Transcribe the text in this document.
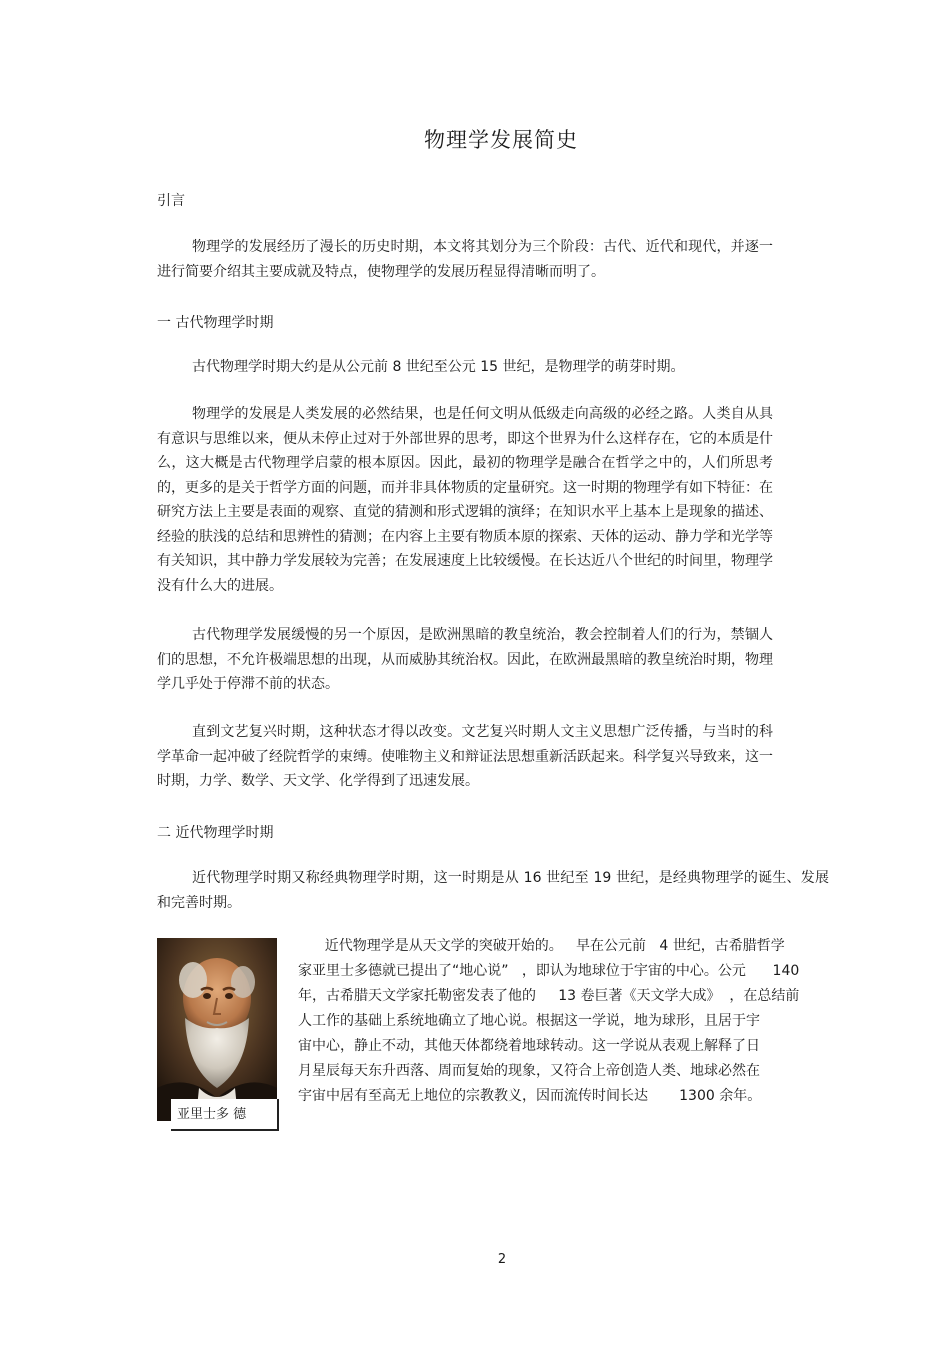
物理学发展简史
引言

物理学的发展经历了漫长的历史时期，本文将其划分为三个阶段：古代、近代和现代，并逐一进行简要介绍其主要成就及特点，使物理学的发展历程显得清晰而明了。

一 古代物理学时期

古代物理学时期大约是从公元前 8 世纪至公元 15 世纪，是物理学的萌芽时期。

物理学的发展是人类发展的必然结果，也是任何文明从低级走向高级的必经之路。人类自从具有意识与思维以来，便从未停止过对于外部世界的思考，即这个世界为什么这样存在，它的本质是什么，这大概是古代物理学启蒙的根本原因。因此，最初的物理学是融合在哲学之中的，人们所思考的，更多的是关于哲学方面的问题，而并非具体物质的定量研究。这一时期的物理学有如下特征：在研究方法上主要是表面的观察、直觉的猜测和形式逻辑的演绎；在知识水平上基本上是现象的描述、经验的肤浅的总结和思辨性的猜测；在内容上主要有物质本原的探索、天体的运动、静力学和光学等有关知识，其中静力学发展较为完善；在发展速度上比较缓慢。在长达近八个世纪的时间里，物理学没有什么大的进展。

古代物理学发展缓慢的另一个原因，是欧洲黑暗的教皇统治，教会控制着人们的行为，禁锢人们的思想，不允许极端思想的出现，从而威胁其统治权。因此，在欧洲最黑暗的教皇统治时期，物理学几乎处于停滞不前的状态。

直到文艺复兴时期，这种状态才得以改变。文艺复兴时期人文主义思想广泛传播，与当时的科学革命一起冲破了经院哲学的束缚。使唯物主义和辩证法思想重新活跃起来。科学复兴导致来，这一时期，力学、数学、天文学、化学得到了迅速发展。

二 近代物理学时期

近代物理学时期又称经典物理学时期，这一时期是从 16 世纪至 19 世纪，是经典物理学的诞生、发展和完善时期。

亚里士多 德
近代物理学是从天文学的突破开始的。   早在公元前   4 世纪，古希腊哲学
家亚里士多德就已提出了“地心说”   ，即认为地球位于宇宙的中心。公元      140
年，古希腊天文学家托勒密发表了他的     13 卷巨著《天文学大成》  ，在总结前
人工作的基础上系统地确立了地心说。根据这一学说，地为球形，且居于宇
宙中心，静止不动，其他天体都绕着地球转动。这一学说从表观上解释了日
月星辰每天东升西落、周而复始的现象，又符合上帝创造人类、地球必然在
宇宙中居有至高无上地位的宗教教义，因而流传时间长达       1300 余年。
2
